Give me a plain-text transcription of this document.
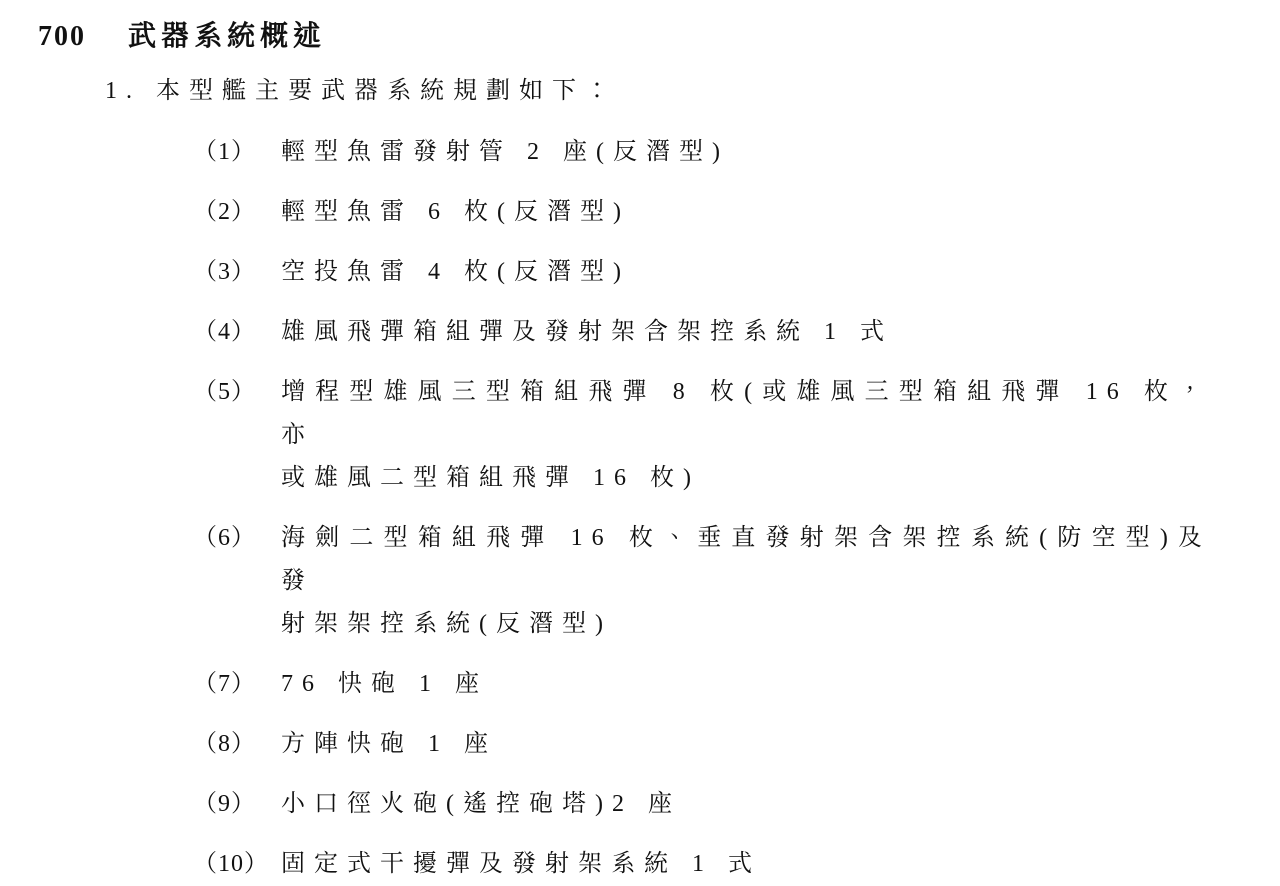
700 武器系統概述
1. 本型艦主要武器系統規劃如下：
（1）	輕型魚雷發射管 2 座(反潛型)
（2）	輕型魚雷 6 枚(反潛型)
（3）	空投魚雷 4 枚(反潛型)
（4）	雄風飛彈箱組彈及發射架含架控系統 1 式
（5）	增程型雄風三型箱組飛彈 8 枚(或雄風三型箱組飛彈 16 枚，亦
或雄風二型箱組飛彈 16 枚)
（6）	海劍二型箱組飛彈 16 枚、垂直發射架含架控系統(防空型)及發
射架架控系統(反潛型)
（7）	76 快砲 1 座
（8）	方陣快砲 1 座
（9）	小口徑火砲(遙控砲塔)2 座
（10） 固定式干擾彈及發射架系統 1 式
